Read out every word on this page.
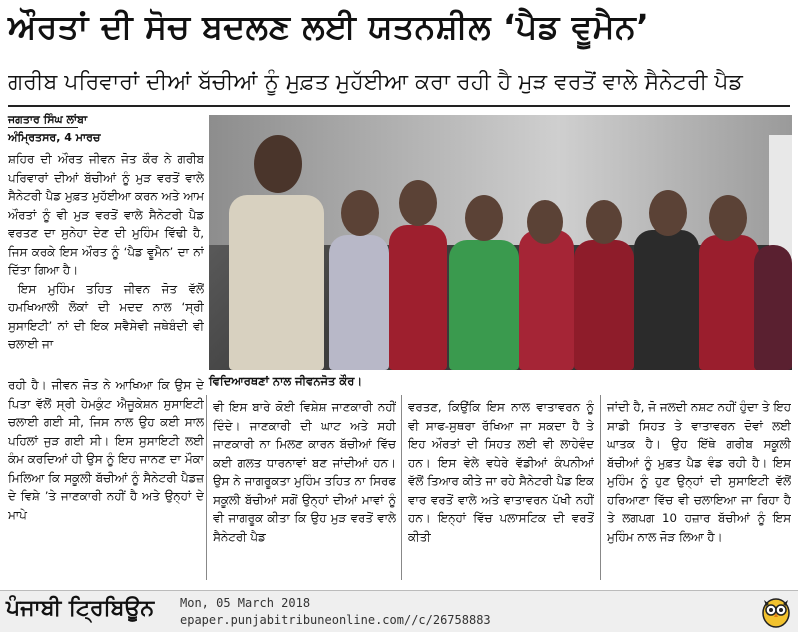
ਔਰਤਾਂ ਦੀ ਸੋਚ ਬਦਲਣ ਲਈ ਯਤਨਸ਼ੀਲ ‘ਪੈਡ ਵੂਮੈਨ’
ਗਰੀਬ ਪਰਿਵਾਰਾਂ ਦੀਆਂ ਬੱਚੀਆਂ ਨੂੰ ਮੁਫ਼ਤ ਮੁਹੱਈਆ ਕਰਾ ਰਹੀ ਹੈ ਮੁੜ ਵਰਤੋਂ ਵਾਲੇ ਸੈਨੇਟਰੀ ਪੈਡ
ਜਗਤਾਰ ਸਿੰਘ ਲਾਂਬਾ
ਅੰਮ੍ਰਿਤਸਰ, 4 ਮਾਰਚ
ਸ਼ਹਿਰ ਦੀ ਔਰਤ ਜੀਵਨ ਜੋਤ ਕੌਰ ਨੇ ਗਰੀਬ ਪਰਿਵਾਰਾਂ ਦੀਆਂ ਬੱਚੀਆਂ ਨੂੰ ਮੁੜ ਵਰਤੋਂ ਵਾਲੇ ਸੈਨੇਟਰੀ ਪੈਡ ਮੁਫ਼ਤ ਮੁਹੱਈਆ ਕਰਨ ਅਤੇ ਆਮ ਔਰਤਾਂ ਨੂੰ ਵੀ ਮੁੜ ਵਰਤੋਂ ਵਾਲੇ ਸੈਨੇਟਰੀ ਪੈਡ ਵਰਤਣ ਦਾ ਸੁਨੇਹਾ ਦੇਣ ਦੀ ਮੁਹਿੰਮ ਵਿੱਢੀ ਹੈ, ਜਿਸ ਕਰਕੇ ਇਸ ਔਰਤ ਨੂੰ ‘ਪੈਡ ਵੂਮੈਨ’ ਦਾ ਨਾਂ ਦਿੱਤਾ ਗਿਆ ਹੈ।
ਇਸ ਮੁਹਿੰਮ ਤਹਿਤ ਜੀਵਨ ਜੋਤ ਵੱਲੋਂ ਹਮਖਿਆਲੀ ਲੋਕਾਂ ਦੀ ਮਦਦ ਨਾਲ ‘ਸ੍ਰੀ ਸੁਸਾਇਟੀ’ ਨਾਂ ਦੀ ਇਕ ਸਵੈਸੇਵੀ ਜਥੇਬੰਦੀ ਵੀ ਚਲਾਈ ਜਾ
ਵਿਦਿਆਰਥਣਾਂ ਨਾਲ ਜੀਵਨਜੋਤ ਕੌਰ।
ਰਹੀ ਹੈ। ਜੀਵਨ ਜੋਤ ਨੇ ਆਖਿਆ ਕਿ ਉਸ ਦੇ ਪਿਤਾ ਵੱਲੋਂ ਸ੍ਰੀ ਹੇਮਕੁੰਟ ਐਜੂਕੇਸ਼ਨ ਸੁਸਾਇਟੀ ਚਲਾਈ ਗਈ ਸੀ, ਜਿਸ ਨਾਲ ਉਹ ਕਈ ਸਾਲ ਪਹਿਲਾਂ ਜੁੜ ਗਈ ਸੀ। ਇਸ ਸੁਸਾਇਟੀ ਲਈ ਕੰਮ ਕਰਦਿਆਂ ਹੀ ਉਸ ਨੂੰ ਇਹ ਜਾਨਣ ਦਾ ਮੌਕਾ ਮਿਲਿਆ ਕਿ ਸਕੂਲੀ ਬੱਚੀਆਂ ਨੂੰ ਸੈਨੇਟਰੀ ਪੈਡਜ਼ ਦੇ ਵਿਸ਼ੇ ’ਤੇ ਜਾਣਕਾਰੀ ਨਹੀਂ ਹੈ ਅਤੇ ਉਨ੍ਹਾਂ ਦੇ ਮਾਪੇ
ਵੀ ਇਸ ਬਾਰੇ ਕੋਈ ਵਿਸ਼ੇਸ਼ ਜਾਣਕਾਰੀ ਨਹੀਂ ਦਿੰਦੇ। ਜਾਣਕਾਰੀ ਦੀ ਘਾਟ ਅਤੇ ਸਹੀ ਜਾਣਕਾਰੀ ਨਾ ਮਿਲਣ ਕਾਰਨ ਬੱਚੀਆਂ ਵਿੱਚ ਕਈ ਗਲਤ ਧਾਰਨਾਵਾਂ ਬਣ ਜਾਂਦੀਆਂ ਹਨ। ਉਸ ਨੇ ਜਾਗਰੂਕਤਾ ਮੁਹਿੰਮ ਤਹਿਤ ਨਾ ਸਿਰਫ ਸਕੂਲੀ ਬੱਚੀਆਂ ਸਗੋਂ ਉਨ੍ਹਾਂ ਦੀਆਂ ਮਾਵਾਂ ਨੂੰ ਵੀ ਜਾਗਰੂਕ ਕੀਤਾ ਕਿ ਉਹ ਮੁੜ ਵਰਤੋਂ ਵਾਲੇ ਸੈਨੇਟਰੀ ਪੈਡ
ਵਰਤਣ, ਕਿਉਂਕਿ ਇਸ ਨਾਲ ਵਾਤਾਵਰਨ ਨੂੰ ਵੀ ਸਾਫ-ਸੁਥਰਾ ਰੱਖਿਆ ਜਾ ਸਕਦਾ ਹੈ ਤੇ ਇਹ ਔਰਤਾਂ ਦੀ ਸਿਹਤ ਲਈ ਵੀ ਲਾਹੇਵੰਦ ਹਨ। ਇਸ ਵੇਲੇ ਵਧੇਰੇ ਵੱਡੀਆਂ ਕੰਪਨੀਆਂ ਵੱਲੋਂ ਤਿਆਰ ਕੀਤੇ ਜਾ ਰਹੇ ਸੈਨੇਟਰੀ ਪੈਡ ਇਕ ਵਾਰ ਵਰਤੋਂ ਵਾਲੇ ਅਤੇ ਵਾਤਾਵਰਨ ਪੱਖੀ ਨਹੀਂ ਹਨ। ਇਨ੍ਹਾਂ ਵਿੱਚ ਪਲਾਸਟਿਕ ਦੀ ਵਰਤੋਂ ਕੀਤੀ
ਜਾਂਦੀ ਹੈ, ਜੋ ਜਲਦੀ ਨਸ਼ਟ ਨਹੀਂ ਹੁੰਦਾ ਤੇ ਇਹ ਸਾਡੀ ਸਿਹਤ ਤੇ ਵਾਤਾਵਰਨ ਦੋਵਾਂ ਲਈ ਘਾਤਕ ਹੈ। ਉਹ ਇੱਥੇ ਗਰੀਬ ਸਕੂਲੀ ਬੱਚੀਆਂ ਨੂੰ ਮੁਫ਼ਤ ਪੈਡ ਵੰਡ ਰਹੀ ਹੈ। ਇਸ ਮੁਹਿੰਮ ਨੂੰ ਹੁਣ ਉਨ੍ਹਾਂ ਦੀ ਸੁਸਾਇਟੀ ਵੱਲੋਂ ਹਰਿਆਣਾ ਵਿੱਚ ਵੀ ਚਲਾਇਆ ਜਾ ਰਿਹਾ ਹੈ ਤੇ ਲਗਪਗ 10 ਹਜ਼ਾਰ ਬੱਚੀਆਂ ਨੂੰ ਇਸ ਮੁਹਿੰਮ ਨਾਲ ਜੋੜ ਲਿਆ ਹੈ।
ਪੰਜਾਬੀ ਟ੍ਰਿਬਿਊਨ Mon, 05 March 2018
epaper.punjabitribuneonline.com//c/26758883
